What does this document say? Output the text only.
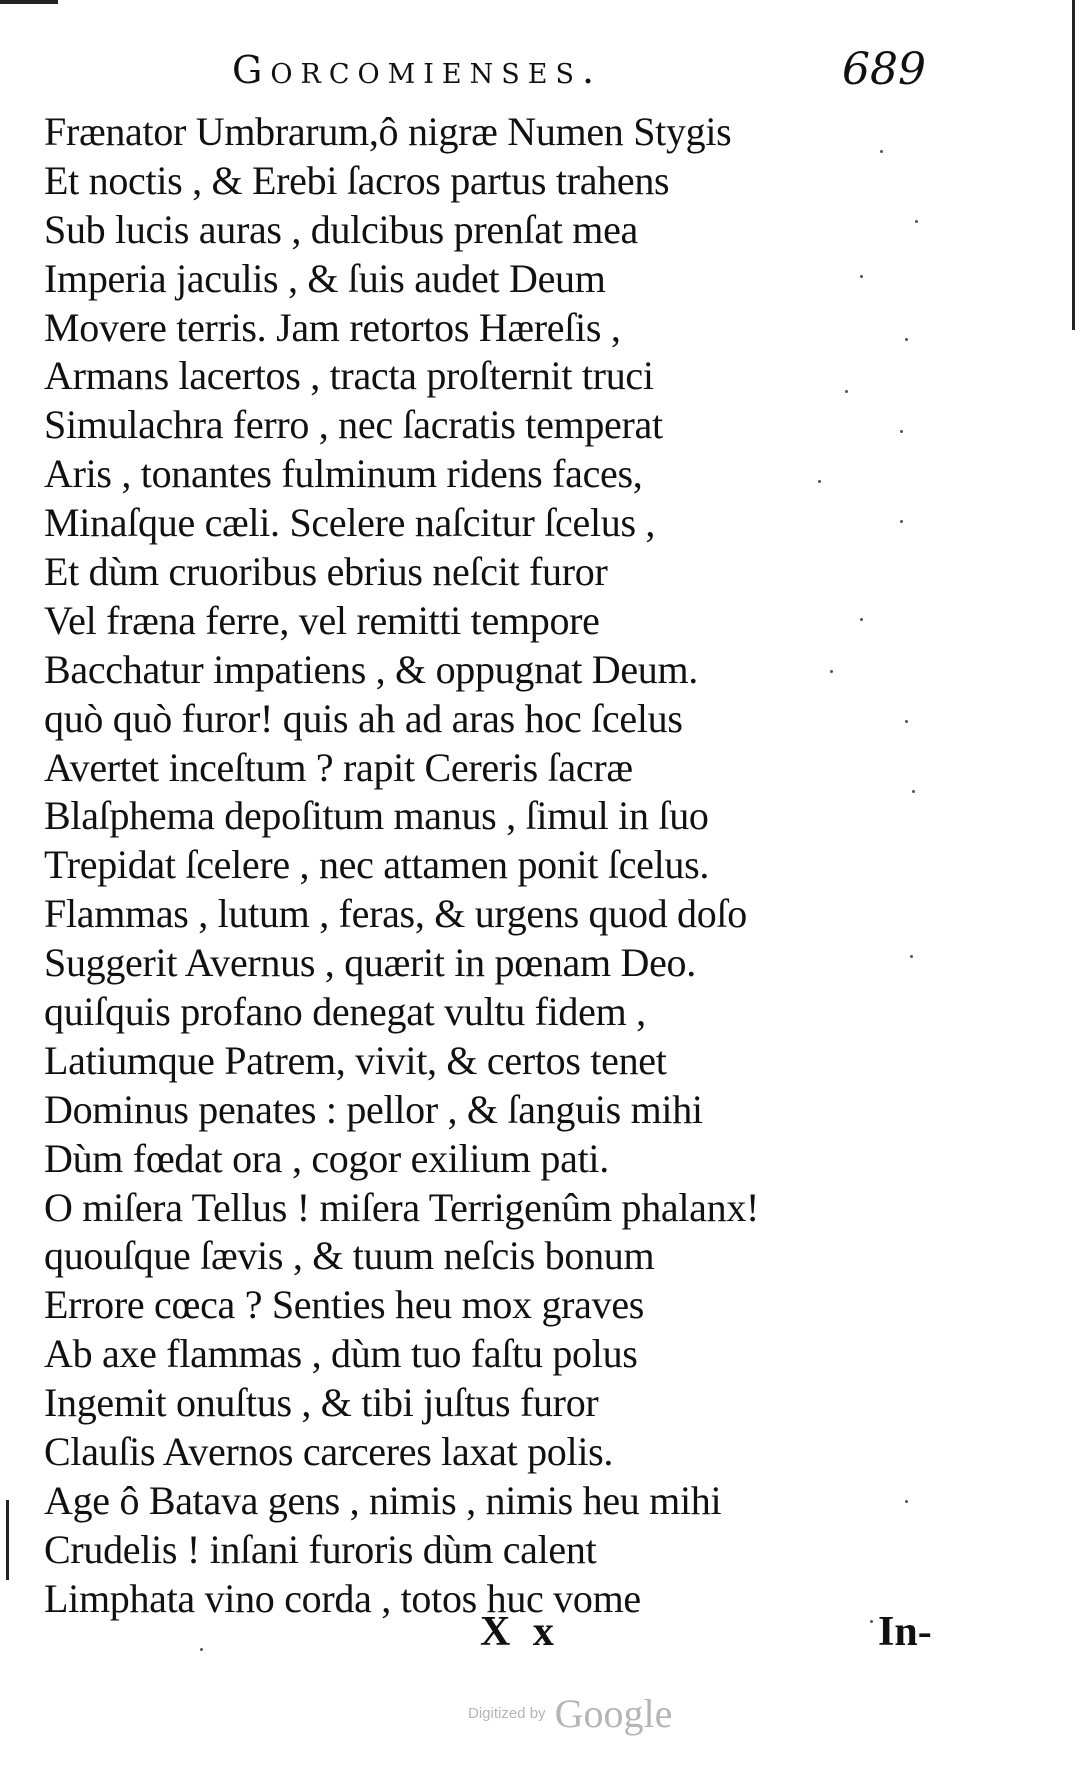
Gorcomienses.	689
Frænator Umbrarum,ô nigræ Numen Stygis
Et noctis , & Erebi ſacros partus trahens
Sub lucis auras , dulcibus prenſat mea
Imperia jaculis , & ſuis audet Deum
Movere terris. Jam retortos Hæreſis ,
Armans lacertos , tracta proſternit truci
Simulachra ferro , nec ſacratis temperat
Aris , tonantes fulminum ridens faces,
Minaſque cæli. Scelere naſcitur ſcelus ,
Et dùm cruoribus ebrius neſcit furor
Vel fræna ferre, vel remitti tempore
Bacchatur impatiens , & oppugnat Deum.
quò quò furor! quis ah ad aras hoc ſcelus
Avertet inceſtum ? rapit Cereris ſacræ
Blaſphema depoſitum manus , ſimul in ſuo
Trepidat ſcelere , nec attamen ponit ſcelus.
Flammas , lutum , feras, & urgens quod doſo
Suggerit Avernus , quærit in pœnam Deo.
quiſquis profano denegat vultu fidem ,
Latiumque Patrem, vivit, & certos tenet
Dominus penates : pellor , & ſanguis mihi
Dùm fœdat ora , cogor exilium pati.
O miſera Tellus ! miſera Terrigenûm phalanx!
quouſque ſævis , & tuum neſcis bonum
Errore cœca ? Senties heu mox graves
Ab axe flammas , dùm tuo faſtu polus
Ingemit onuſtus , & tibi juſtus furor
Clauſis Avernos carceres laxat polis.
Age ô Batava gens , nimis , nimis heu mihi
Crudelis ! inſani furoris dùm calent
Limphata vino corda , totos huc vome
X x	In-
Digitized by Google
